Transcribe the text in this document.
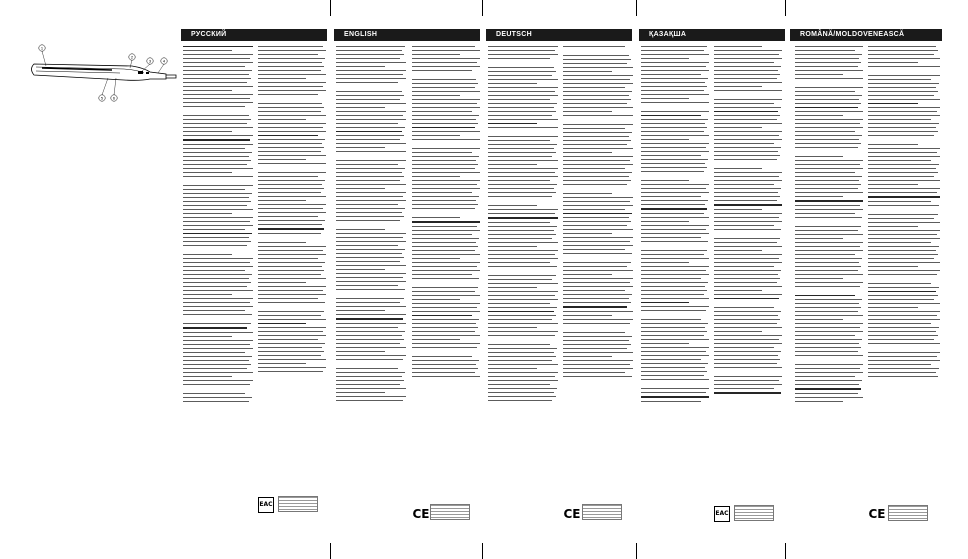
РУССКИЙ	ENGLISH	DEUTSCH	ҚАЗАҚША	ROMÂNĂ/MOLDOVENEASCĂ
1
2
3	4
5 6
EAC
CE	CE	EAC	CE
